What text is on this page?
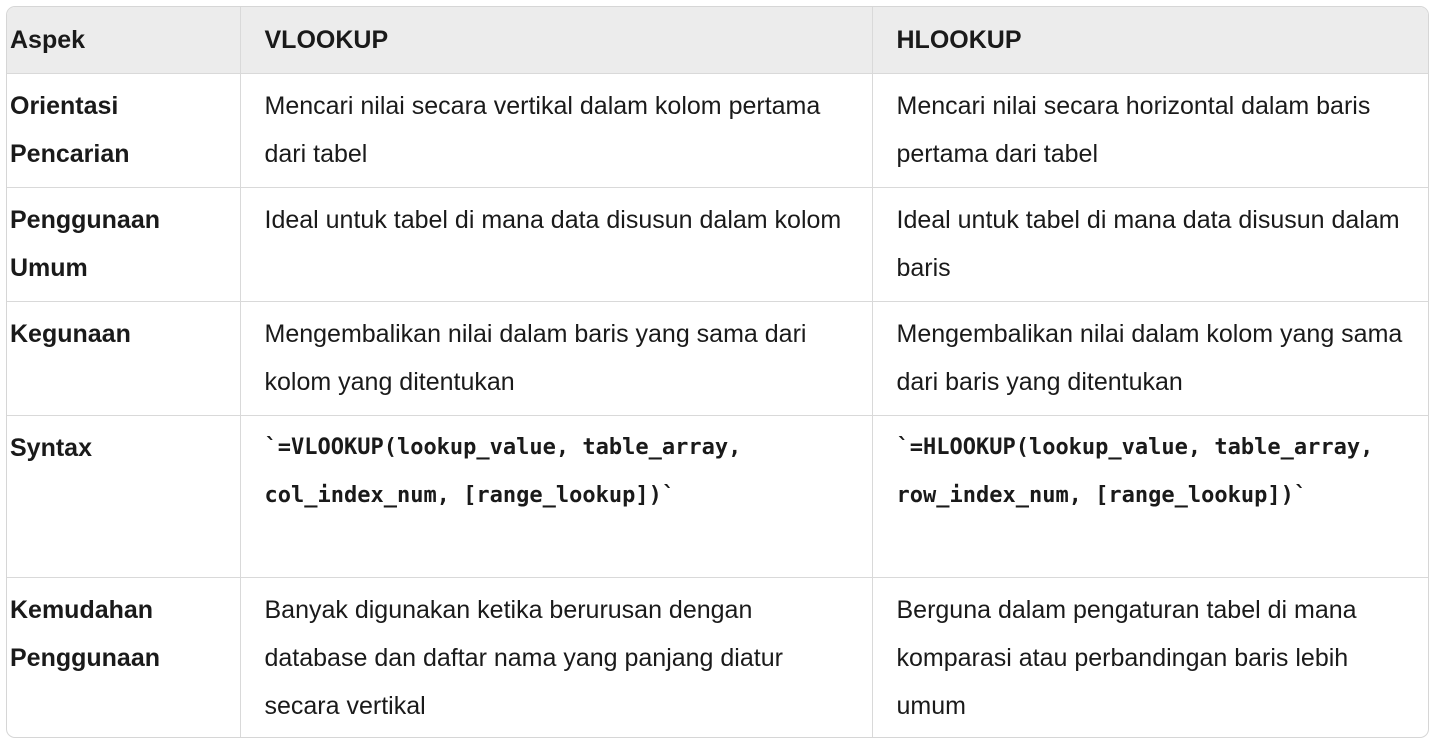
Aspek	VLOOKUP	HLOOKUP
Orientasi Pencarian	Mencari nilai secara vertikal dalam kolom pertama dari tabel	Mencari nilai secara horizontal dalam baris pertama dari tabel
Penggunaan Umum	Ideal untuk tabel di mana data disusun dalam kolom	Ideal untuk tabel di mana data disusun dalam baris
Kegunaan	Mengembalikan nilai dalam baris yang sama dari kolom yang ditentukan	Mengembalikan nilai dalam kolom yang sama dari baris yang ditentukan
Syntax	`=VLOOKUP(lookup_value, table_array, col_index_num, [range_lookup])`	`=HLOOKUP(lookup_value, table_array, row_index_num, [range_lookup])`
Kemudahan Penggunaan	Banyak digunakan ketika berurusan dengan database dan daftar nama yang panjang diatur secara vertikal	Berguna dalam pengaturan tabel di mana komparasi atau perbandingan baris lebih umum
